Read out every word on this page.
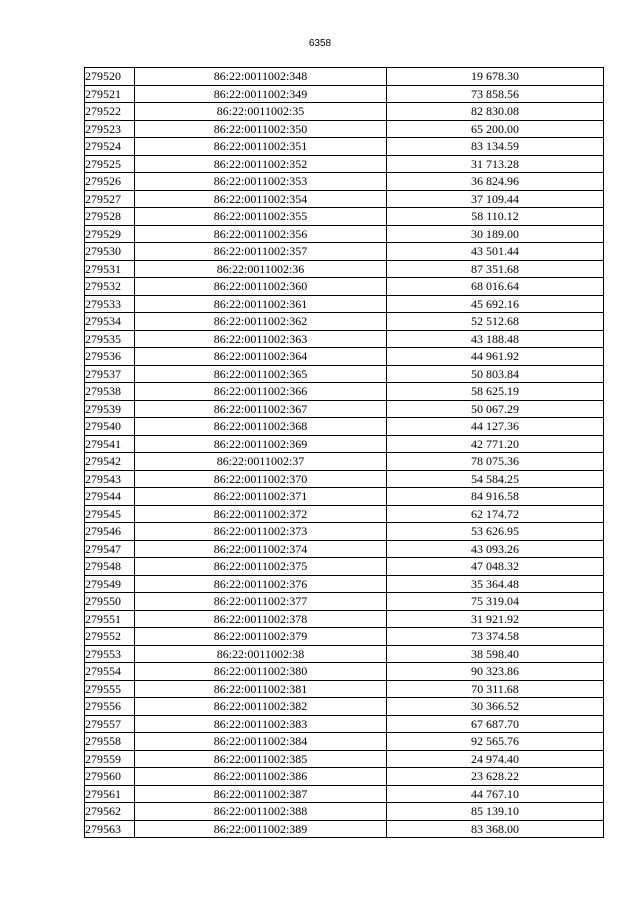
6358
279520	86:22:0011002:348	19 678.30
279521	86:22:0011002:349	73 858.56
279522	86:22:0011002:35	82 830.08
279523	86:22:0011002:350	65 200.00
279524	86:22:0011002:351	83 134.59
279525	86:22:0011002:352	31 713.28
279526	86:22:0011002:353	36 824.96
279527	86:22:0011002:354	37 109.44
279528	86:22:0011002:355	58 110.12
279529	86:22:0011002:356	30 189.00
279530	86:22:0011002:357	43 501.44
279531	86:22:0011002:36	87 351.68
279532	86:22:0011002:360	68 016.64
279533	86:22:0011002:361	45 692.16
279534	86:22:0011002:362	52 512.68
279535	86:22:0011002:363	43 188.48
279536	86:22:0011002:364	44 961.92
279537	86:22:0011002:365	50 803.84
279538	86:22:0011002:366	58 625.19
279539	86:22:0011002:367	50 067.29
279540	86:22:0011002:368	44 127.36
279541	86:22:0011002:369	42 771.20
279542	86:22:0011002:37	78 075.36
279543	86:22:0011002:370	54 584.25
279544	86:22:0011002:371	84 916.58
279545	86:22:0011002:372	62 174.72
279546	86:22:0011002:373	53 626.95
279547	86:22:0011002:374	43 093.26
279548	86:22:0011002:375	47 048.32
279549	86:22:0011002:376	35 364.48
279550	86:22:0011002:377	75 319.04
279551	86:22:0011002:378	31 921.92
279552	86:22:0011002:379	73 374.58
279553	86:22:0011002:38	38 598.40
279554	86:22:0011002:380	90 323.86
279555	86:22:0011002:381	70 311.68
279556	86:22:0011002:382	30 366.52
279557	86:22:0011002:383	67 687.70
279558	86:22:0011002:384	92 565.76
279559	86:22:0011002:385	24 974.40
279560	86:22:0011002:386	23 628.22
279561	86:22:0011002:387	44 767.10
279562	86:22:0011002:388	85 139.10
279563	86:22:0011002:389	83 368.00
